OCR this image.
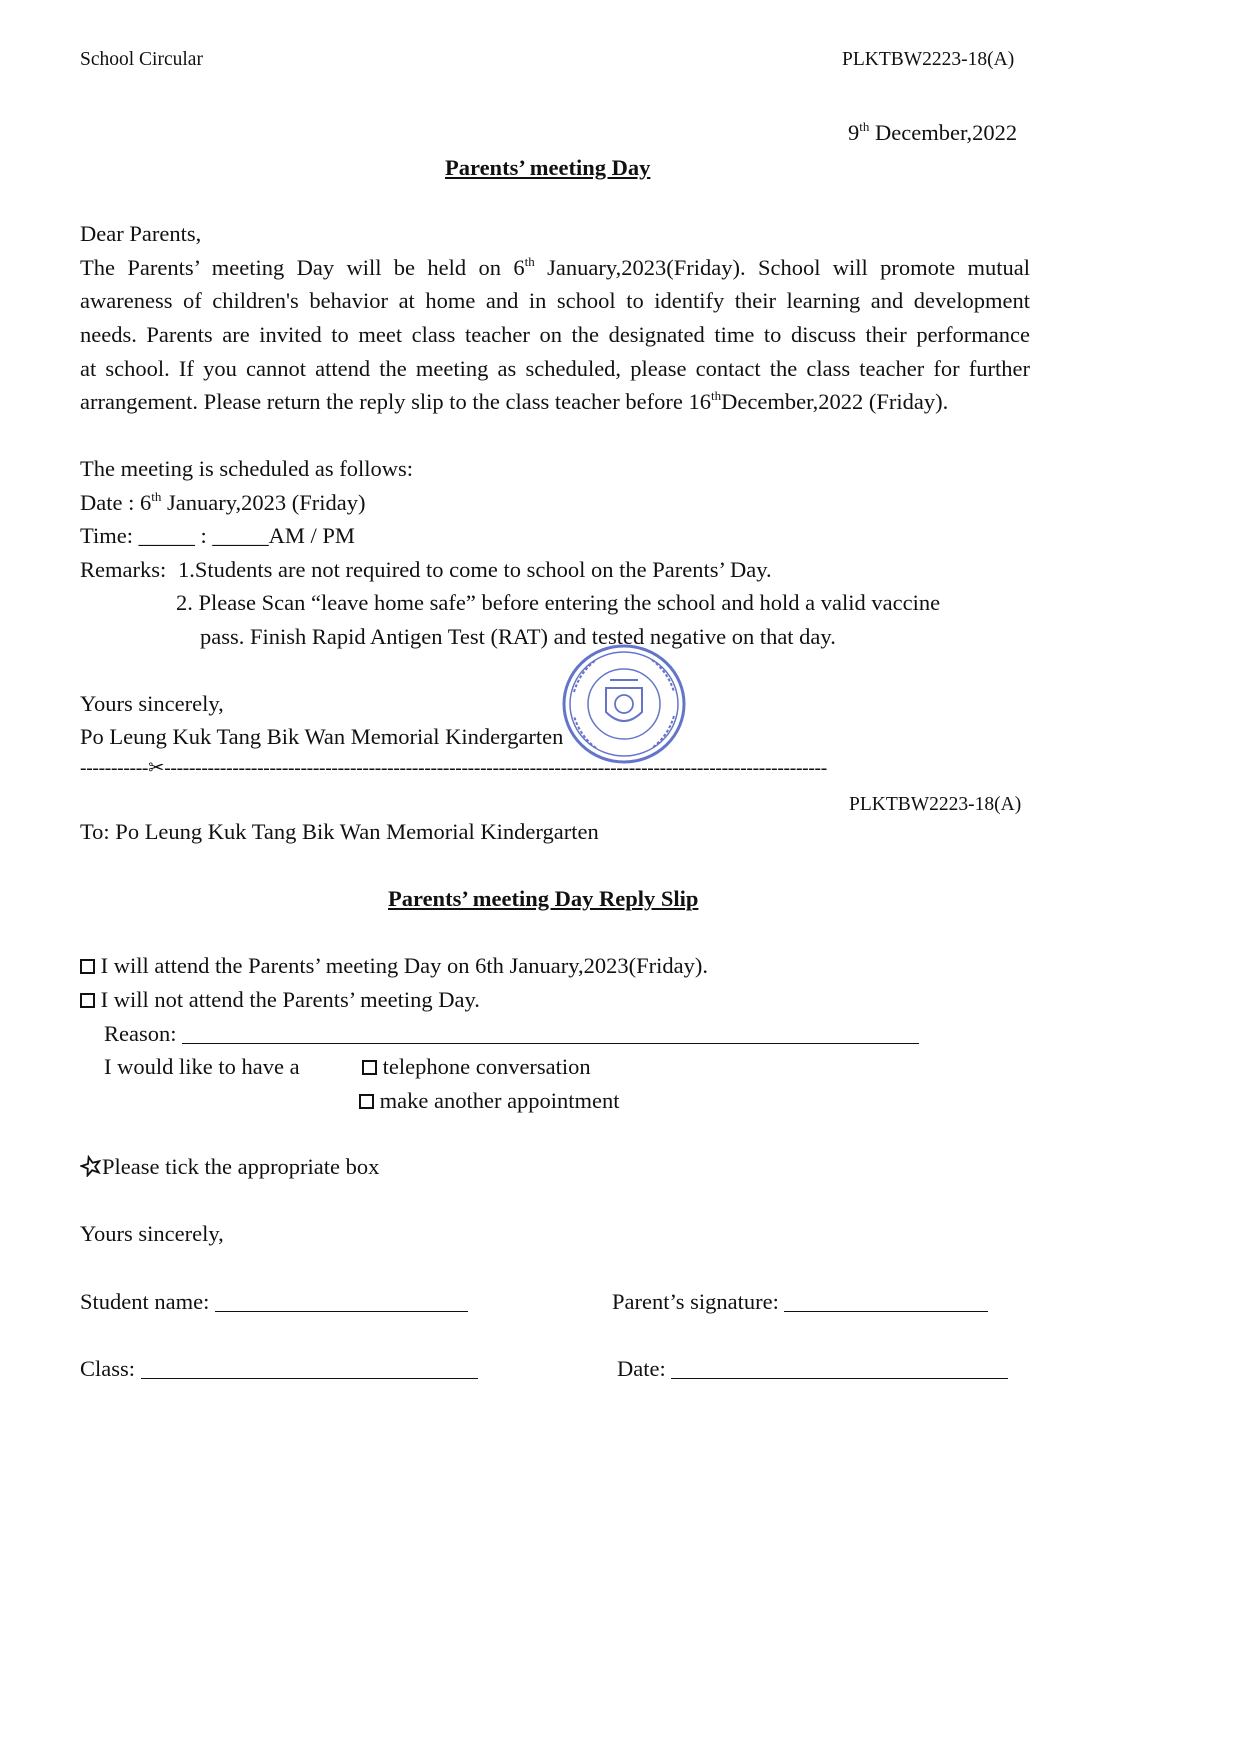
School Circular	PLKTBW2223-18(A)
9th December,2022
Parents’ meeting Day
Dear Parents,
The Parents’ meeting Day will be held on 6th January,2023(Friday). School will promote mutual
awareness of children's behavior at home and in school to identify their learning and development
needs. Parents are invited to meet class teacher on the designated time to discuss their performance
at school. If you cannot attend the meeting as scheduled, please contact the class teacher for further
arrangement. Please return the reply slip to the class teacher before 16thDecember,2022 (Friday).
The meeting is scheduled as follows:
Date : 6th January,2023 (Friday)
Time: _____ : _____AM / PM
Remarks: 1.Students are not required to come to school on the Parents’ Day.
2. Please Scan “leave home safe” before entering the school and hold a valid vaccine
pass. Finish Rapid Antigen Test (RAT) and tested negative on that day.
Yours sincerely,
Po Leung Kuk Tang Bik Wan Memorial Kindergarten
-----------✂-----------------------------------------------------------------------------------------------------------
PLKTBW2223-18(A)
To: Po Leung Kuk Tang Bik Wan Memorial Kindergarten
Parents’ meeting Day Reply Slip
I will attend the Parents’ meeting Day on 6th January,2023(Friday).
I will not attend the Parents’ meeting Day.
Reason:
I would like to have a	telephone conversation
make another appointment
Please tick the appropriate box
Yours sincerely,
Student name:	Parent’s signature:
Class:	Date:
